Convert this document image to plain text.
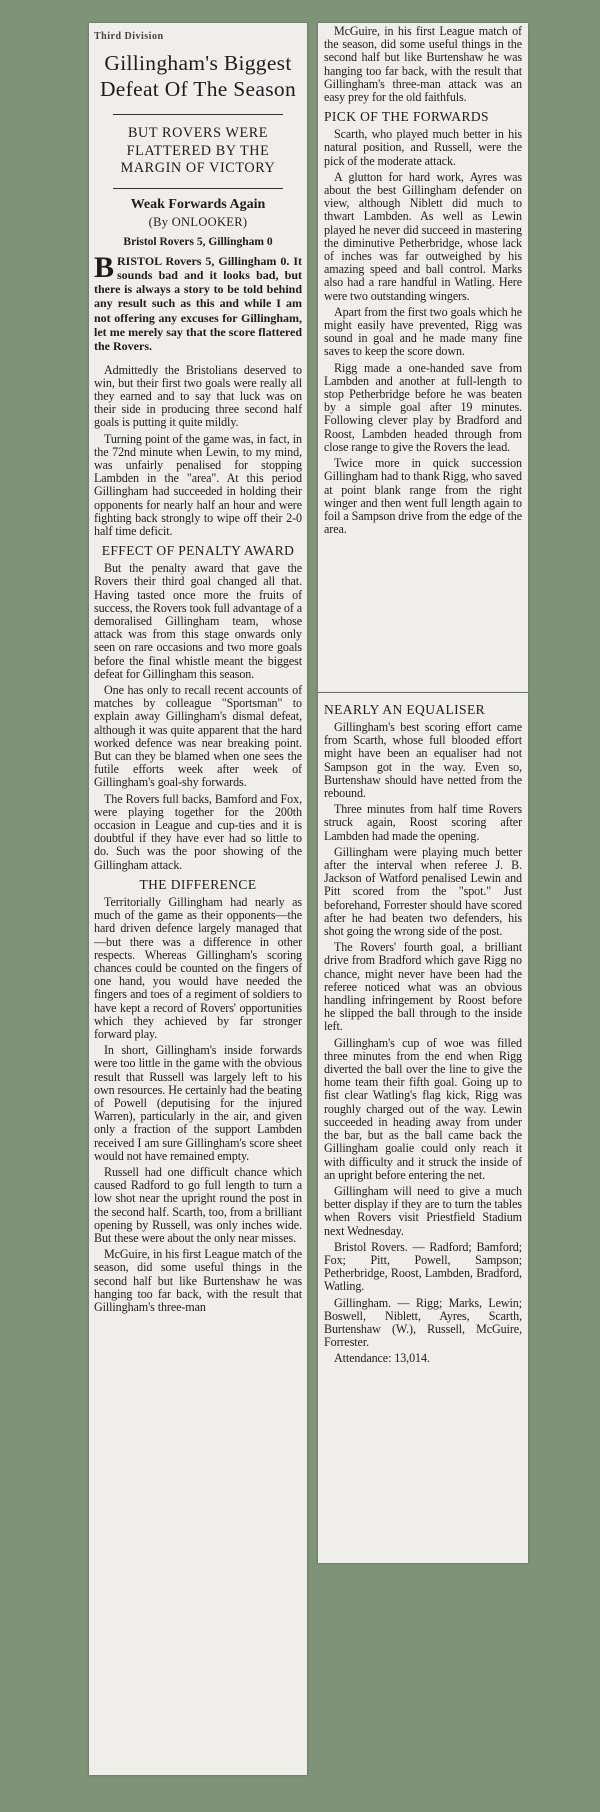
Third Division
Gillingham's Biggest Defeat Of The Season
BUT ROVERS WERE FLATTERED BY THE MARGIN OF VICTORY
Weak Forwards Again
(By ONLOOKER)
Bristol Rovers 5, Gillingham 0
BRISTOL Rovers 5, Gillingham 0. It sounds bad and it looks bad, but there is always a story to be told behind any result such as this and while I am not offering any excuses for Gillingham, let me merely say that the score flattered the Rovers.

Admittedly the Bristolians deserved to win, but their first two goals were really all they earned and to say that luck was on their side in producing three second half goals is putting it quite mildly.

Turning point of the game was, in fact, in the 72nd minute when Lewin, to my mind, was unfairly penalised for stopping Lambden in the "area". At this period Gillingham had succeeded in holding their opponents for nearly half an hour and were fighting back strongly to wipe off their 2-0 half time deficit.

EFFECT OF PENALTY AWARD

But the penalty award that gave the Rovers their third goal changed all that. Having tasted once more the fruits of success, the Rovers took full advantage of a demoralised Gillingham team, whose attack was from this stage onwards only seen on rare occasions and two more goals before the final whistle meant the biggest defeat for Gillingham this season.

One has only to recall recent accounts of matches by colleague "Sportsman" to explain away Gillingham's dismal defeat, although it was quite apparent that the hard worked defence was near breaking point. But can they be blamed when one sees the futile efforts week after week of Gillingham's goal-shy forwards.

The Rovers full backs, Bamford and Fox, were playing together for the 200th occasion in League and cup-ties and it is doubtful if they have ever had so little to do. Such was the poor showing of the Gillingham attack.

THE DIFFERENCE

Territorially Gillingham had nearly as much of the game as their opponents—the hard driven defence largely managed that—but there was a difference in other respects. Whereas Gillingham's scoring chances could be counted on the fingers of one hand, you would have needed the fingers and toes of a regiment of soldiers to have kept a record of Rovers' opportunities which they achieved by far stronger forward play.

In short, Gillingham's inside forwards were too little in the game with the obvious result that Russell was largely left to his own resources. He certainly had the beating of Powell (deputising for the injured Warren), particularly in the air, and given only a fraction of the support Lambden received I am sure Gillingham's score sheet would not have remained empty.

Russell had one difficult chance which caused Radford to go full length to turn a low shot near the upright round the post in the second half. Scarth, too, from a brilliant opening by Russell, was only inches wide. But these were about the only near misses.

McGuire, in his first League match of the season, did some useful things in the second half but like Burtenshaw he was hanging too far back, with the result that Gillingham's three-man

McGuire, in his first League match of the season, did some useful things in the second half but like Burtenshaw he was hanging too far back, with the result that Gillingham's three-man attack was an easy prey for the old faithfuls.

PICK OF THE FORWARDS

Scarth, who played much better in his natural position, and Russell, were the pick of the moderate attack.

A glutton for hard work, Ayres was about the best Gillingham defender on view, although Niblett did much to thwart Lambden. As well as Lewin played he never did succeed in mastering the diminutive Petherbridge, whose lack of inches was far outweighed by his amazing speed and ball control. Marks also had a rare handful in Watling. Here were two outstanding wingers.

Apart from the first two goals which he might easily have prevented, Rigg was sound in goal and he made many fine saves to keep the score down.

Rigg made a one-handed save from Lambden and another at full-length to stop Petherbridge before he was beaten by a simple goal after 19 minutes. Following clever play by Bradford and Roost, Lambden headed through from close range to give the Rovers the lead.

Twice more in quick succession Gillingham had to thank Rigg, who saved at point blank range from the right winger and then went full length again to foil a Sampson drive from the edge of the area.

NEARLY AN EQUALISER

Gillingham's best scoring effort came from Scarth, whose full blooded effort might have been an equaliser had not Sampson got in the way. Even so, Burtenshaw should have netted from the rebound.

Three minutes from half time Rovers struck again, Roost scoring after Lambden had made the opening.

Gillingham were playing much better after the interval when referee J. B. Jackson of Watford penalised Lewin and Pitt scored from the "spot." Just beforehand, Forrester should have scored after he had beaten two defenders, his shot going the wrong side of the post.

The Rovers' fourth goal, a brilliant drive from Bradford which gave Rigg no chance, might never have been had the referee noticed what was an obvious handling infringement by Roost before he slipped the ball through to the inside left.

Gillingham's cup of woe was filled three minutes from the end when Rigg diverted the ball over the line to give the home team their fifth goal. Going up to fist clear Watling's flag kick, Rigg was roughly charged out of the way. Lewin succeeded in heading away from under the bar, but as the ball came back the Gillingham goalie could only reach it with difficulty and it struck the inside of an upright before entering the net.

Gillingham will need to give a much better display if they are to turn the tables when Rovers visit Priestfield Stadium next Wednesday.

Bristol Rovers. — Radford; Bamford; Fox; Pitt, Powell, Sampson; Petherbridge, Roost, Lambden, Bradford, Watling.

Gillingham. — Rigg; Marks, Lewin; Boswell, Niblett, Ayres, Scarth, Burtenshaw (W.), Russell, McGuire, Forrester.

Attendance: 13,014.
